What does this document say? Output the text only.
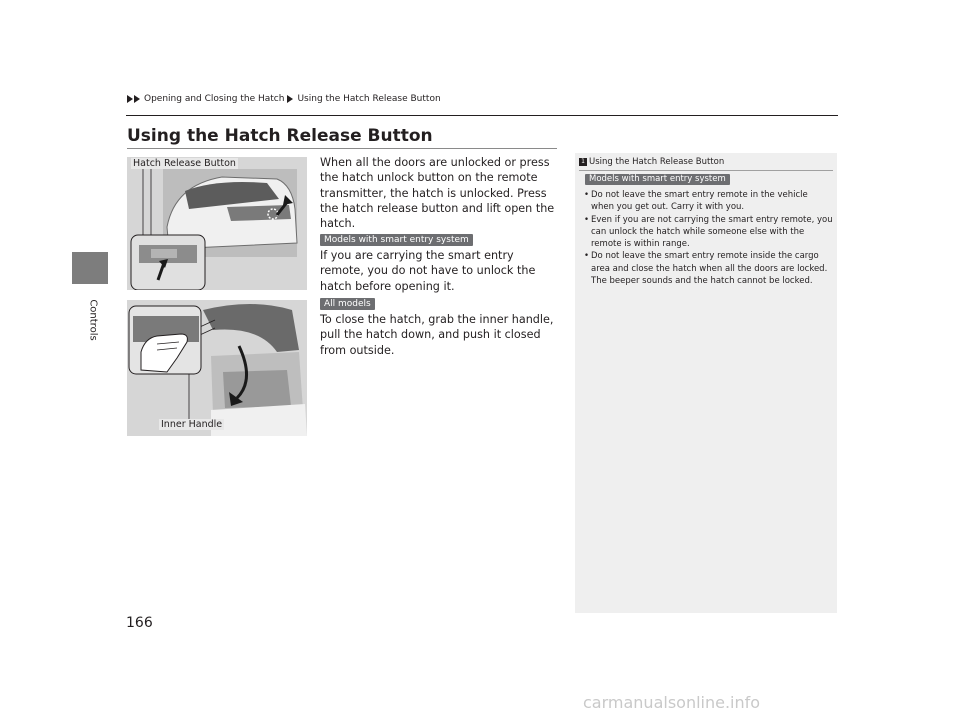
Controls
Opening and Closing the Hatch Using the Hatch Release Button
Using the Hatch Release Button
Hatch Release Button
Inner Handle

When all the doors are unlocked or press the hatch unlock button on the remote transmitter, the hatch is unlocked. Press the hatch release button and lift open the hatch.

Models with smart entry system

If you are carrying the smart entry remote, you do not have to unlock the hatch before opening it.

All models

To close the hatch, grab the inner handle, pull the hatch down, and push it closed from outside.

1 Using the Hatch Release Button
Models with smart entry system
• Do not leave the smart entry remote in the vehicle when you get out. Carry it with you.
• Even if you are not carrying the smart entry remote, you can unlock the hatch while someone else with the remote is within range.
• Do not leave the smart entry remote inside the cargo area and close the hatch when all the doors are locked. The beeper sounds and the hatch cannot be locked.
166
carmanualsonline.info
